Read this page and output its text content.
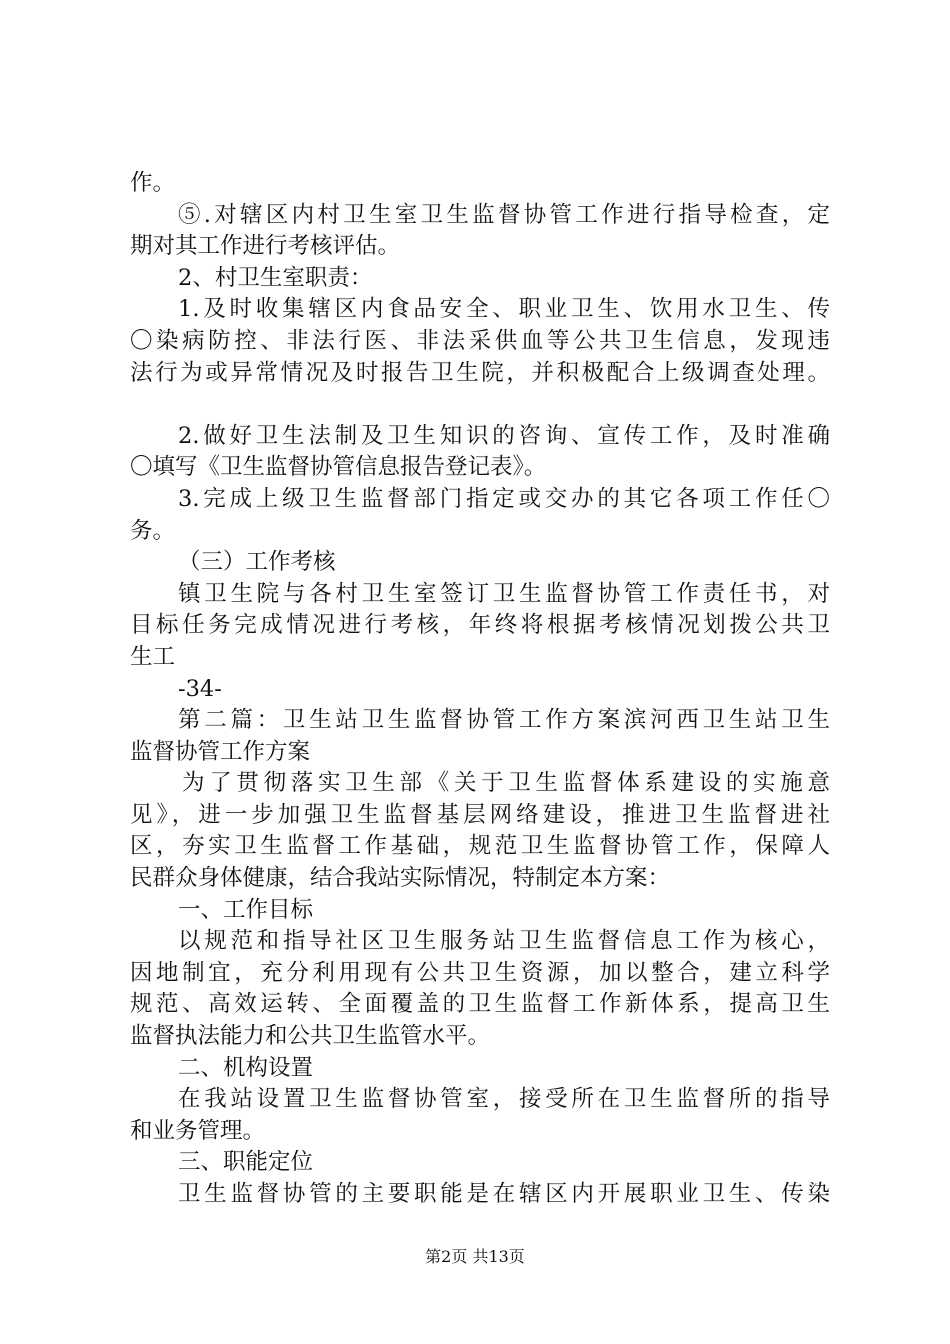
作。
⑤.对辖区内村卫生室卫生监督协管工作进行指导检查，定
期对其工作进行考核评估。
2、村卫生室职责：
1.及时收集辖区内食品安全、职业卫生、饮用水卫生、传
〇染病防控、非法行医、非法采供血等公共卫生信息，发现违
法行为或异常情况及时报告卫生院，并积极配合上级调查处理。
2.做好卫生法制及卫生知识的咨询、宣传工作，及时准确
〇填写《卫生监督协管信息报告登记表》。
3.完成上级卫生监督部门指定或交办的其它各项工作任〇
务。
（三）工作考核
镇卫生院与各村卫生室签订卫生监督协管工作责任书，对
目标任务完成情况进行考核，年终将根据考核情况划拨公共卫
生工
-34-
第二篇：卫生站卫生监督协管工作方案滨河西卫生站卫生
监督协管工作方案
为了贯彻落实卫生部《关于卫生监督体系建设的实施意
见》，进一步加强卫生监督基层网络建设，推进卫生监督进社
区，夯实卫生监督工作基础，规范卫生监督协管工作，保障人
民群众身体健康，结合我站实际情况，特制定本方案：
一、工作目标
以规范和指导社区卫生服务站卫生监督信息工作为核心，
因地制宜，充分利用现有公共卫生资源，加以整合，建立科学
规范、高效运转、全面覆盖的卫生监督工作新体系，提高卫生
监督执法能力和公共卫生监管水平。
二、机构设置
在我站设置卫生监督协管室，接受所在卫生监督所的指导
和业务管理。
三、职能定位
卫生监督协管的主要职能是在辖区内开展职业卫生、传染
第2页 共13页
